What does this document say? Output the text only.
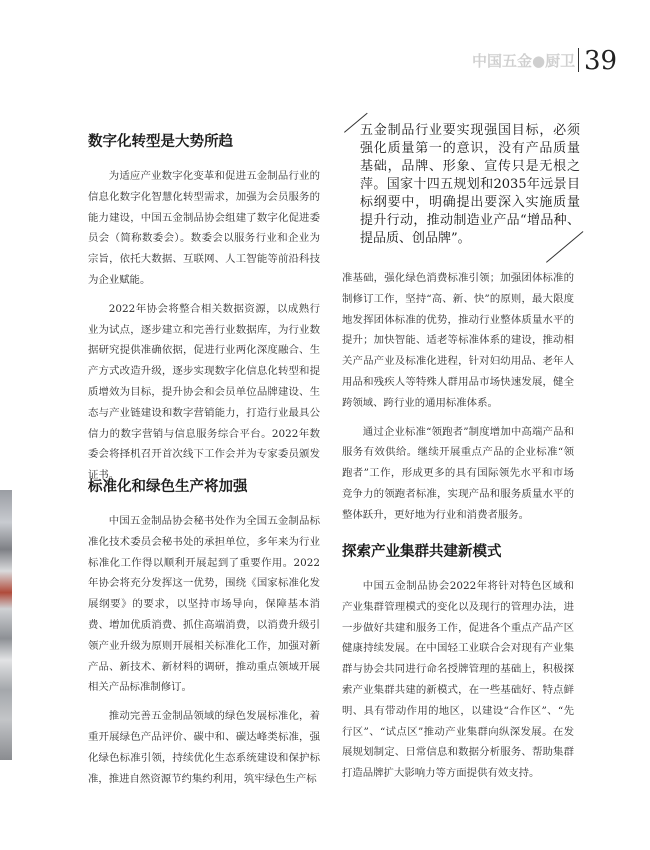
中国五金●厨卫 39
数字化转型是大势所趋

为适应产业数字化变革和促进五金制品行业的信息化数字化智慧化转型需求，加强为会员服务的能力建设，中国五金制品协会组建了数字化促进委员会（简称数委会）。数委会以服务行业和企业为宗旨，依托大数据、互联网、人工智能等前沿科技为企业赋能。

2022年协会将整合相关数据资源，以成熟行业为试点，逐步建立和完善行业数据库，为行业数据研究提供准确依据，促进行业两化深度融合、生产方式改造升级，逐步实现数字化信息化转型和提质增效为目标，提升协会和会员单位品牌建设、生态与产业链建设和数字营销能力，打造行业最具公信力的数字营销与信息服务综合平台。2022年数委会将择机召开首次线下工作会并为专家委员颁发证书。

标准化和绿色生产将加强

中国五金制品协会秘书处作为全国五金制品标准化技术委员会秘书处的承担单位，多年来为行业标准化工作得以顺利开展起到了重要作用。2022年协会将充分发挥这一优势，围绕《国家标准化发展纲要》的要求，以坚持市场导向，保障基本消费、增加优质消费、抓住高端消费，以消费升级引领产业升级为原则开展相关标准化工作，加强对新产品、新技术、新材料的调研，推动重点领域开展相关产品标准制修订。

推动完善五金制品领域的绿色发展标准化，着重开展绿色产品评价、碳中和、碳达峰类标准，强化绿色标准引领，持续优化生态系统建设和保护标准，推进自然资源节约集约利用，筑牢绿色生产标

五金制品行业要实现强国目标，必须强化质量第一的意识，没有产品质量基础，品牌、形象、宣传只是无根之萍。国家十四五规划和2035年远景目标纲要中，明确提出要深入实施质量提升行动，推动制造业产品“增品种、提品质、创品牌”。

准基础，强化绿色消费标准引领；加强团体标准的制修订工作，坚持“高、新、快”的原则，最大限度地发挥团体标准的优势，推动行业整体质量水平的提升；加快智能、适老等标准体系的建设，推动相关产品产业及标准化进程，针对妇幼用品、老年人用品和残疾人等特殊人群用品市场快速发展，健全跨领域、跨行业的通用标准体系。

通过企业标准“领跑者”制度增加中高端产品和服务有效供给。继续开展重点产品的企业标准“领跑者”工作，形成更多的具有国际领先水平和市场竞争力的领跑者标准，实现产品和服务质量水平的整体跃升，更好地为行业和消费者服务。

探索产业集群共建新模式

中国五金制品协会2022年将针对特色区域和产业集群管理模式的变化以及现行的管理办法，进一步做好共建和服务工作，促进各个重点产品产区健康持续发展。在中国轻工业联合会对现有产业集群与协会共同进行命名授牌管理的基础上，积极探索产业集群共建的新模式，在一些基础好、特点鲜明、具有带动作用的地区，以建设“合作区”、“先行区”、“试点区”推动产业集群向纵深发展。在发展规划制定、日常信息和数据分析服务、帮助集群打造品牌扩大影响力等方面提供有效支持。
